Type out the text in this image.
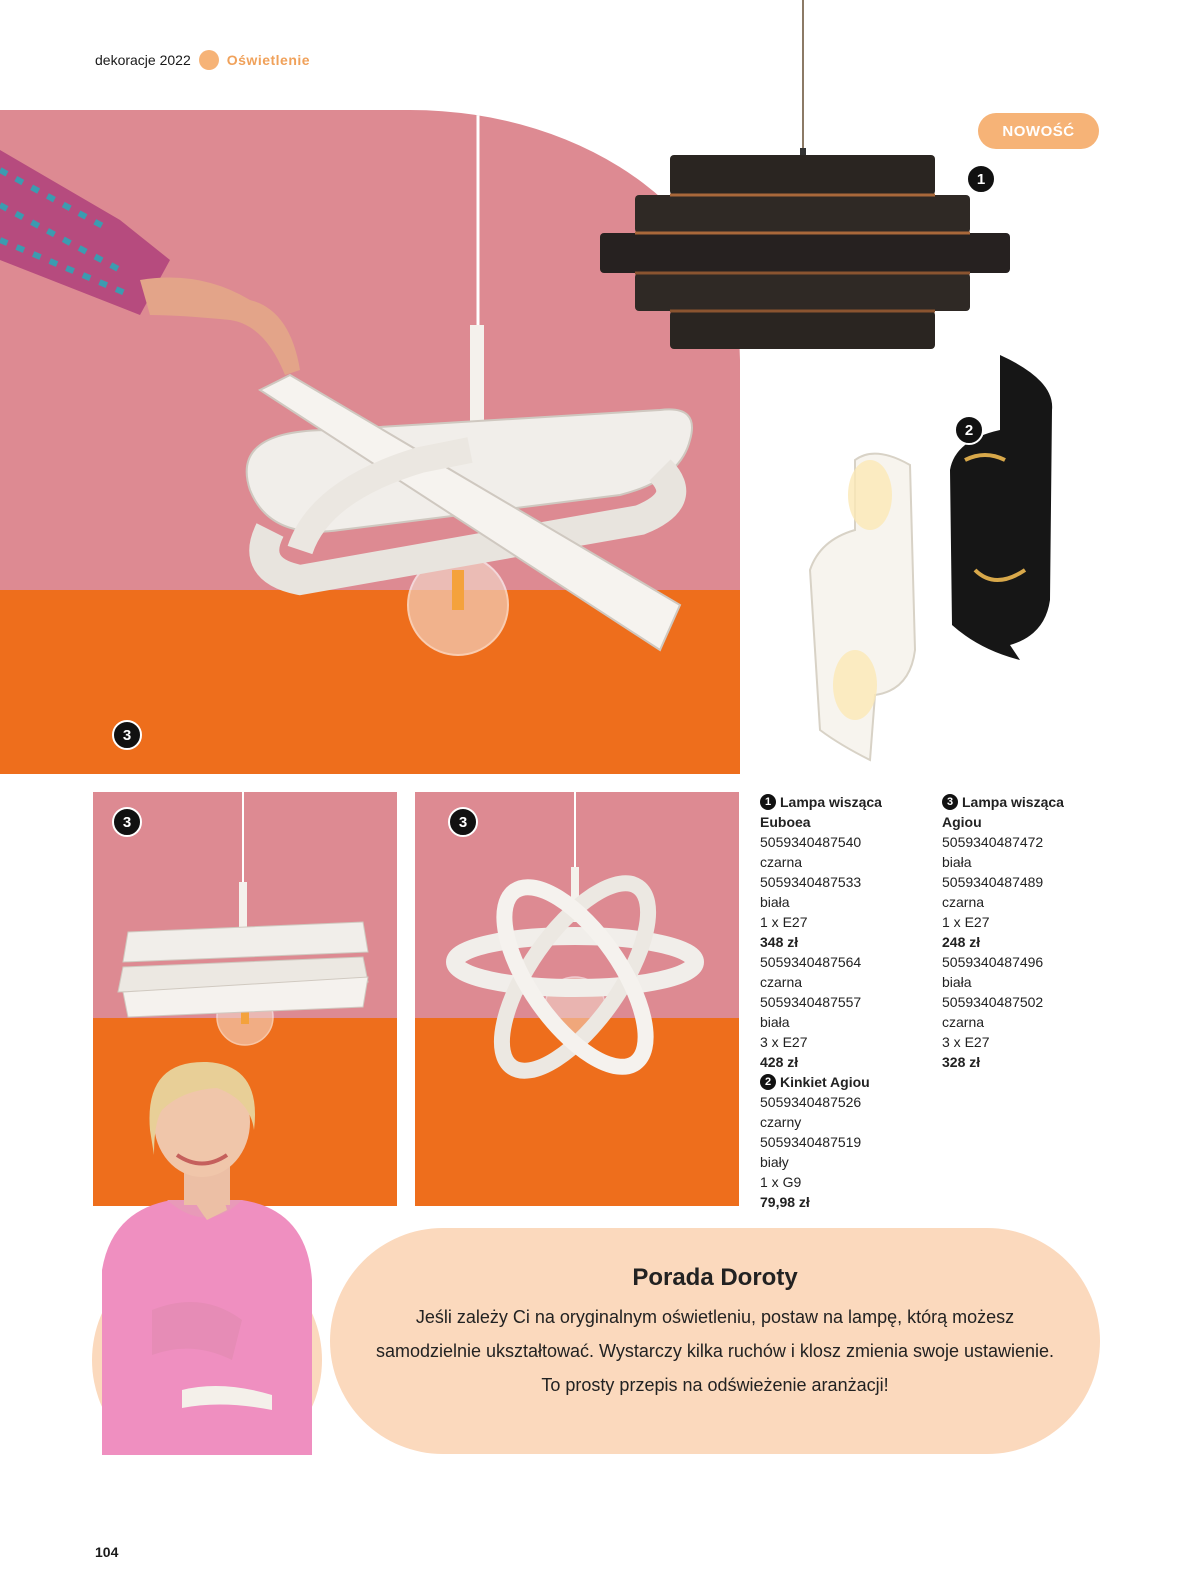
dekoracje 2022	Oświetlenie
3
NOWOŚĆ
1
2
3	3
1 Lampa wisząca
Euboea
5059340487540
czarna
5059340487533
biała
1 x E27
348 zł
5059340487564
czarna
5059340487557
biała
3 x E27
428 zł
2 Kinkiet Agiou
5059340487526
czarny
5059340487519
biały
1 x G9
79,98 zł
3 Lampa wisząca
Agiou
5059340487472
biała
5059340487489
czarna
1 x E27
248 zł
5059340487496
biała
5059340487502
czarna
3 x E27
328 zł
Porada Doroty
Jeśli zależy Ci na oryginalnym oświetleniu, postaw na lampę, którą możesz samodzielnie ukształtować. Wystarczy kilka ruchów i klosz zmienia swoje ustawienie. To prosty przepis na odświeżenie aranżacji!
104
